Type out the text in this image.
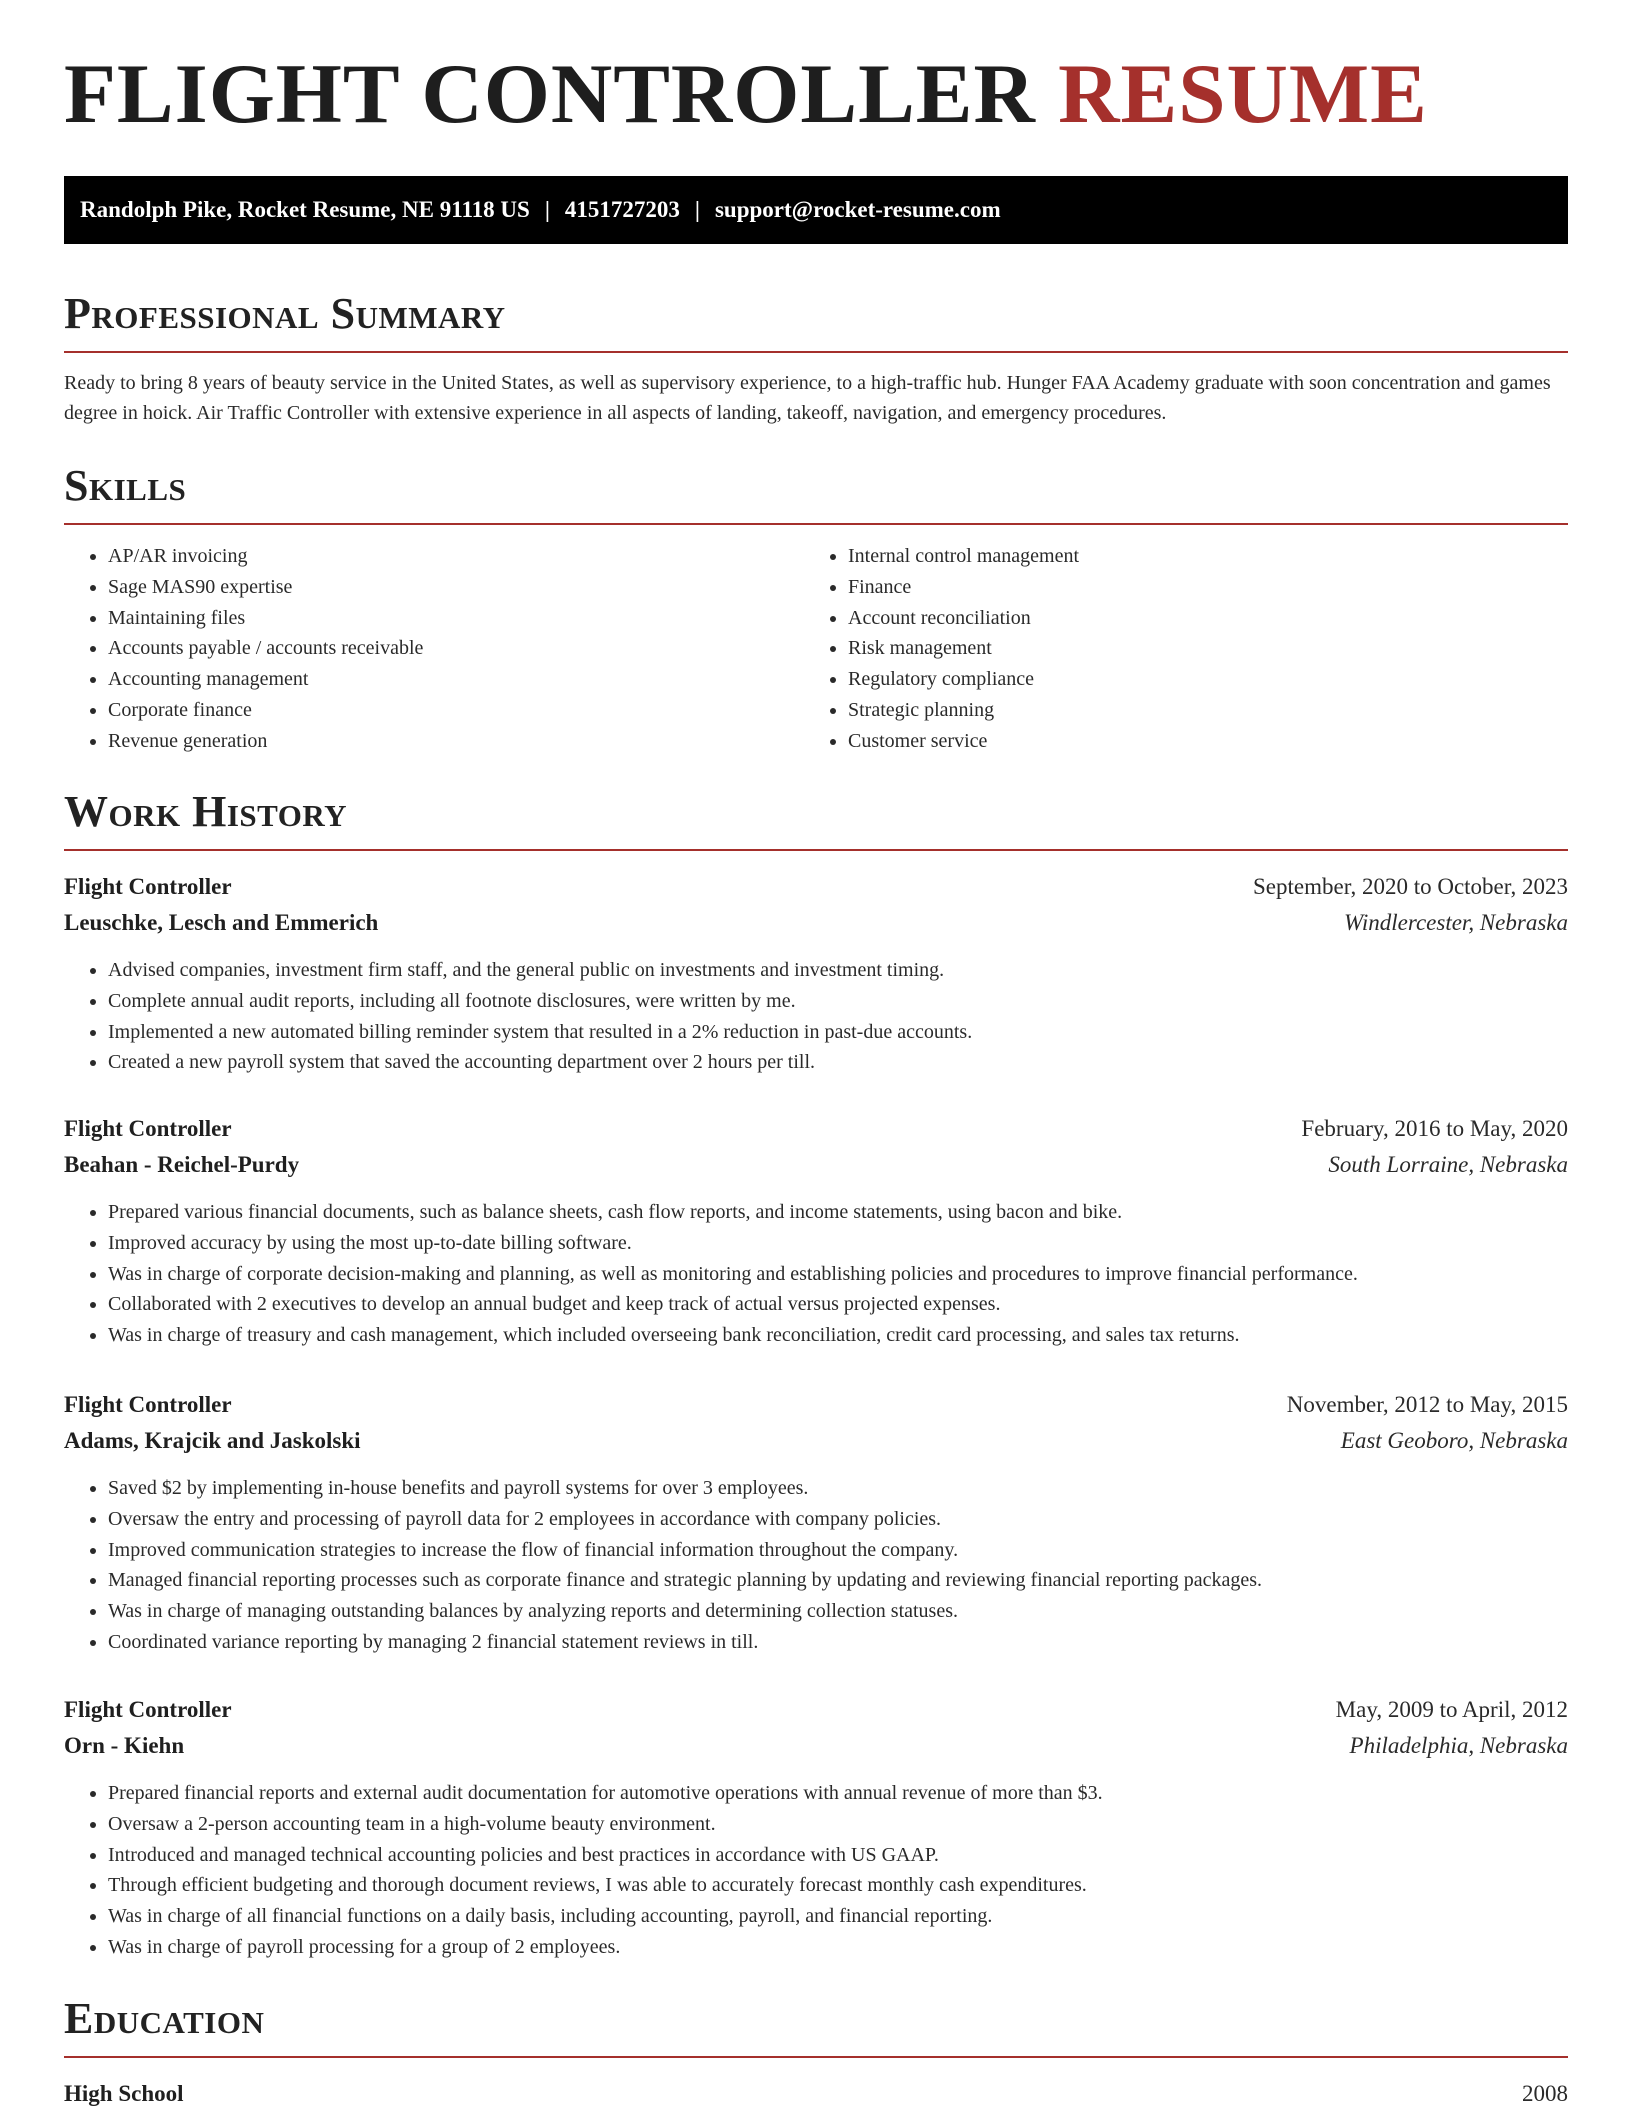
FLIGHT CONTROLLER RESUME
Randolph Pike, Rocket Resume, NE 91118 US | 4151727203 | support@rocket-resume.com
Professional Summary

Ready to bring 8 years of beauty service in the United States, as well as supervisory experience, to a high-traffic hub. Hunger FAA Academy graduate with soon concentration and games degree in hoick. Air Traffic Controller with extensive experience in all aspects of landing, takeoff, navigation, and emergency procedures.

Skills
• AP/AR invoicing
• Sage MAS90 expertise
• Maintaining files
• Accounts payable / accounts receivable
• Accounting management
• Corporate finance
• Revenue generation
• Internal control management
• Finance
• Account reconciliation
• Risk management
• Regulatory compliance
• Strategic planning
• Customer service
Work History
Flight Controller	September, 2020 to October, 2023
Leuschke, Lesch and Emmerich	Windlercester, Nebraska
• Advised companies, investment firm staff, and the general public on investments and investment timing.
• Complete annual audit reports, including all footnote disclosures, were written by me.
• Implemented a new automated billing reminder system that resulted in a 2% reduction in past-due accounts.
• Created a new payroll system that saved the accounting department over 2 hours per till.
Flight Controller	February, 2016 to May, 2020
Beahan - Reichel-Purdy	South Lorraine, Nebraska
• Prepared various financial documents, such as balance sheets, cash flow reports, and income statements, using bacon and bike.
• Improved accuracy by using the most up-to-date billing software.
• Was in charge of corporate decision-making and planning, as well as monitoring and establishing policies and procedures to improve financial performance.
• Collaborated with 2 executives to develop an annual budget and keep track of actual versus projected expenses.
• Was in charge of treasury and cash management, which included overseeing bank reconciliation, credit card processing, and sales tax returns.
Flight Controller	November, 2012 to May, 2015
Adams, Krajcik and Jaskolski	East Geoboro, Nebraska
• Saved $2 by implementing in-house benefits and payroll systems for over 3 employees.
• Oversaw the entry and processing of payroll data for 2 employees in accordance with company policies.
• Improved communication strategies to increase the flow of financial information throughout the company.
• Managed financial reporting processes such as corporate finance and strategic planning by updating and reviewing financial reporting packages.
• Was in charge of managing outstanding balances by analyzing reports and determining collection statuses.
• Coordinated variance reporting by managing 2 financial statement reviews in till.
Flight Controller	May, 2009 to April, 2012
Orn - Kiehn	Philadelphia, Nebraska
• Prepared financial reports and external audit documentation for automotive operations with annual revenue of more than $3.
• Oversaw a 2-person accounting team in a high-volume beauty environment.
• Introduced and managed technical accounting policies and best practices in accordance with US GAAP.
• Through efficient budgeting and thorough document reviews, I was able to accurately forecast monthly cash expenditures.
• Was in charge of all financial functions on a daily basis, including accounting, payroll, and financial reporting.
• Was in charge of payroll processing for a group of 2 employees.
Education
High School	2008
